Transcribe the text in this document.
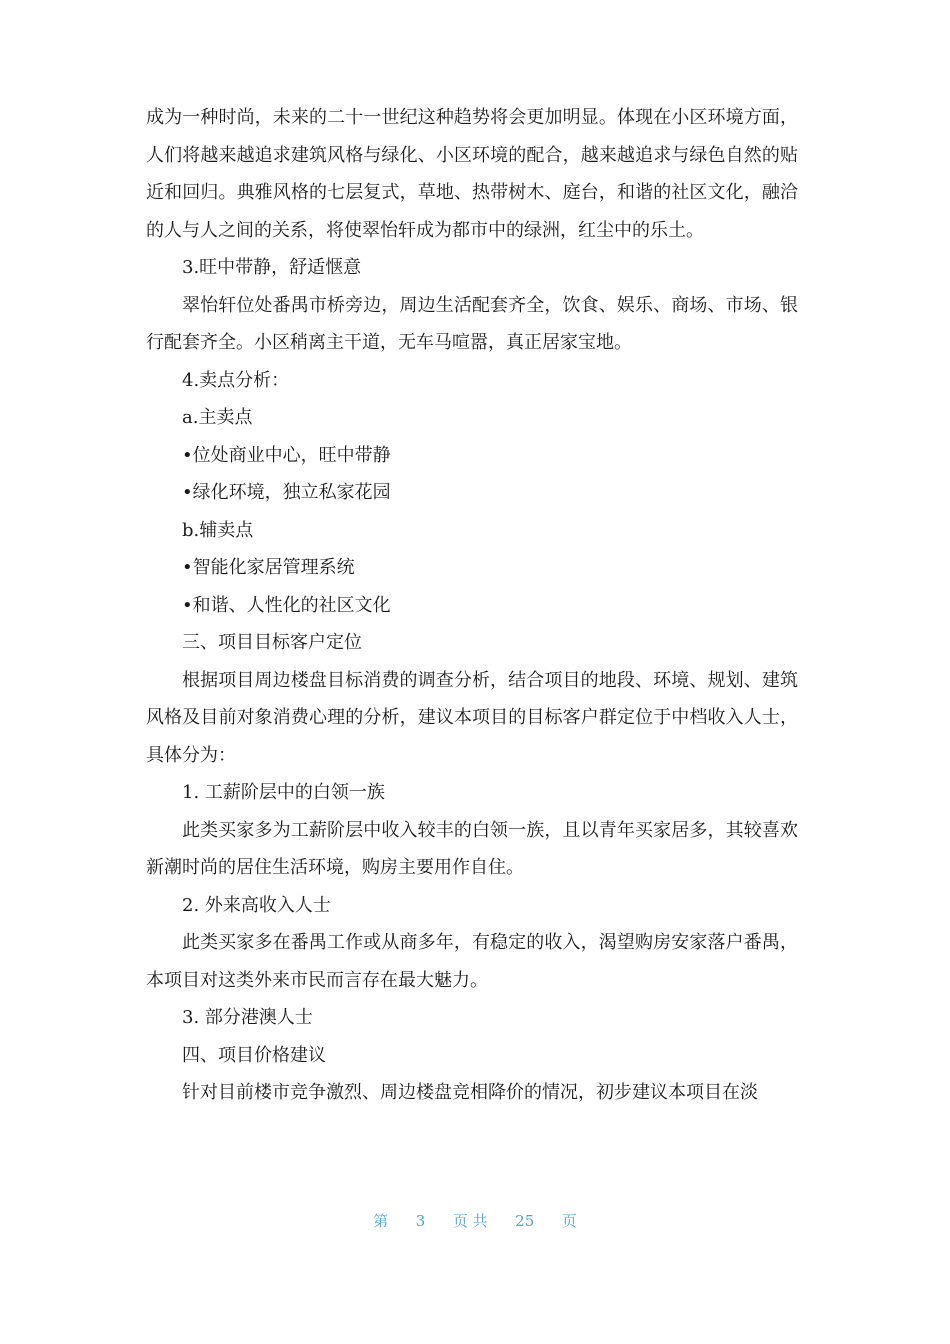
成为一种时尚，未来的二十一世纪这种趋势将会更加明显。体现在小区环境方面，人们将越来越追求建筑风格与绿化、小区环境的配合，越来越追求与绿色自然的贴近和回归。典雅风格的七层复式，草地、热带树木、庭台，和谐的社区文化，融洽的人与人之间的关系，将使翠怡轩成为都市中的绿洲，红尘中的乐土。

3.旺中带静，舒适惬意

翠怡轩位处番禺市桥旁边，周边生活配套齐全，饮食、娱乐、商场、市场、银行配套齐全。小区稍离主干道，无车马喧嚣，真正居家宝地。

4.卖点分析：

a.主卖点

•位处商业中心，旺中带静

•绿化环境，独立私家花园

b.辅卖点

•智能化家居管理系统

•和谐、人性化的社区文化

三、项目目标客户定位

根据项目周边楼盘目标消费的调查分析，结合项目的地段、环境、规划、建筑风格及目前对象消费心理的分析，建议本项目的目标客户群定位于中档收入人士，具体分为：

1. 工薪阶层中的白领一族

此类买家多为工薪阶层中收入较丰的白领一族，且以青年买家居多，其较喜欢新潮时尚的居住生活环境，购房主要用作自住。

2. 外来高收入人士

此类买家多在番禺工作或从商多年，有稳定的收入，渴望购房安家落户番禺，本项目对这类外来市民而言存在最大魅力。

3. 部分港澳人士

四、项目价格建议

针对目前楼市竞争激烈、周边楼盘竞相降价的情况，初步建议本项目在淡

第 3 页 共 25 页
